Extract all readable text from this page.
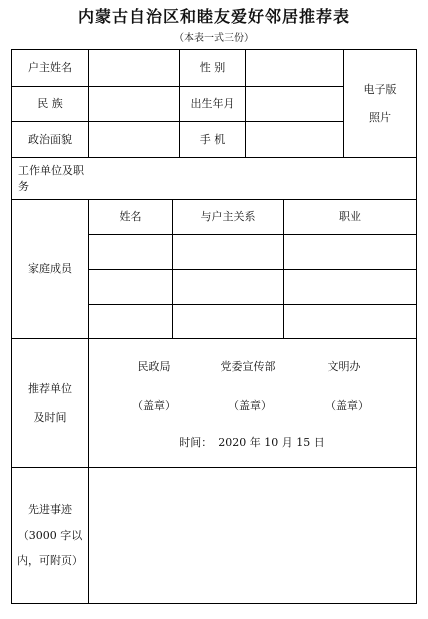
内蒙古自治区和睦友爱好邻居推荐表
（本表一式三份）
户主姓名	性 别
民 族	出生年月
政治面貌	手 机
电子版
照片
工作单位及职务
家庭成员
姓名	与户主关系	职业
推荐单位
及时间
民政局	党委宣传部	文明办
（盖章）	（盖章）	（盖章）
时间： 2020 年 10 月 15 日
先进事迹
（3000 字以
内，可附页）
